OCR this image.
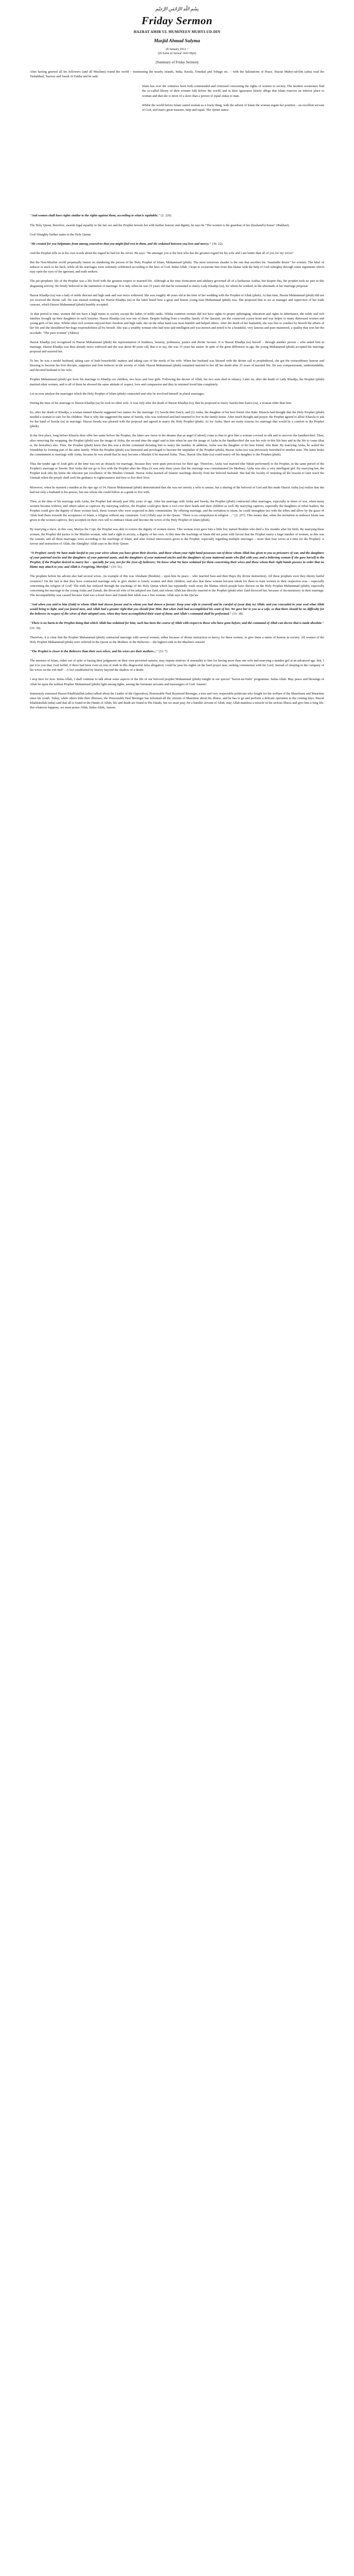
بِسْمِ اللّهِ الرَّحْمٰنِ الرَّحِيْمِ
Friday Sermon
HAZRAT AMIR'UL MUMINEEN MUHYI-UD-DIN
Masjid Ahmad Sulyma
20 January 2012 ~
(26 Safar ul Awwal 1433 Hijri)
(Summary of Friday Sermon)

After having greeted all his followers (and all Muslims) round the world – mentioning the nearby islands, India, Kerala, Trinidad and Tobago etc. – with the Salutations of Peace, Hazrat Muhyi-ud-Din (atba) read the Tashahhud, Taawuz and Surah Al Fatiha and he said:

Islam has over the centuries been both commended and criticised concerning the rights of women in society. The modern westerners find the so-called liberty of their women folk before the world, and in their ignorance falsely allege that Islam reserves an inferior place to woman and that she is more of a slave than a person of equal status to man.

Whilst the world before Islam casted woman as a lowly thing, with the advent of Islam the woman regain her position – an excellent servant of God, and man's great treasure, help and equal. The Quran states:

"And women shall have rights similar to the rights against them, according to what is equitable;" (2: 229).

The Holy Quran, therefore, awards legal equality to the fair sex and the Prophet invests her with further honour and dignity, he says he "The women is the guardian of her (husband's) house" (Bukhari).

God Almighty further states in the Holy Quran:

"He created for you helpmates from among yourselves that you might find rest in them, and He ordained between you love and mercy;" (30: 22).

And the Prophet tells us in his own words about the regard he had for his wives. He says: "Be amongst you is the best who has the greatest regard for his wife and I am better than all of you for my wives".

But the Non-Muslim world perpetually insists on slandering the person of the Holy Prophet of Islam, Muhammad (pbuh). The most notorious slander is the one that ascribes his "insatiable desire" for women. The label of seducer is stuck to his back, while all his marriages were solemnly celebrated according to the laws of God. Insha-Allah, I hope to exonerate him from this blame with the help of God Almighty through some arguments which may open the eyes of the ignorant, and truth seekers.

The pre-prophetic life of the Prophet was a life lived with the greatest respect to married life. Although at the time fornication and adultery governed all of a barbarous Arabia, but despite this, the prophet took no part in this disgusting activity. He firmly believed in the institution of marriage. It is only when he was 25 years old that he consented to marry Lady Khadija (ra), for whom he worked, in the aftermath of her marriage proposal.

Hazrat Khadija (ra) was a lady of noble descent and high rank and was twice widowed. She was roughly 40 years old at the time of her wedding with the Prophet of Allah (pbuh). At that time, Hazrat Muhammad (pbuh) did not yet received the divine call. He was instead working for Hazrat Khadija (ra) in the latter heard how a great and honest young man Muhammad (pbuh) was. She proposed him to act as manager and supervisor of her trade caravan, which Hazrat Muhammad (pbuh) humbly accepted.

At that period in time, women did not have a high status in society except the ladies of noble ranks. Whilst common women did not have rights to proper upbringing, education and rights to inheritance, the noble and rich families brought up their daughters in such luxuries. Hazrat Khadija (ra) was one of them. Despite hailing from a wealthy family of the Quraish, yet she conserved a pure heart and was helper to many distressed women and young girls of her time. Whilst other rich women enjoyed their freedom and high rank, she on the other hand was most humble and helped others. After the death of her husbands, she was free to conduct by herself the affairs of her life and she shouldered her huge responsibilities all by herself. She was a wealthy woman who had wise and intelligent and was known and noted to be a beautiful, very famous and pure-mannered, a quality that won her the accolade: "The pure woman" (Tahira).

Hazrat Khadija (ra) recognized in Hazrat Muhammad (pbuh) the representation of kindness, honesty, politeness, justice and divine favours. It is Hazrat Khadija (ra) herself – through another person – who asked him in marriage. Hazrat Khadija was then already twice widowed and she was about 40 years old, that is to say, she was 15 years his senior. In spite of the great difference in age, the young Muhammad (pbuh) accepted the marriage proposal and married her.

To her, he was a model husband, taking care of both households' matters and taking care of the needs of his wife. When her husband was blessed with the divine call to prophethood, she got the extraordinary honour and blessing to become his first disciple, supporter and firm believer in the society of Allah. Hazrat Muhammad (pbuh) remained married to her till her death after 25 years of married life. He was compassionate, understandable, and devoted husband to his wife.

Prophet Muhammad (pbuh) got from his marriage to Khadija six children, two boys and four girls. Following the decree of Allah, his two sons died in infancy. Later on, after the death of Lady Khadija, the Prophet (pbuh) married other women, and to all of them he showed the same attitude of respect, love and compassion and they in returned loved him completely.

Let us now analyse the marriages which the Holy Prophet of Islam (pbuh) contracted and why he involved himself in plural marriages.

During the time of his marriage to Hazrat Khadija (ra) he took no other wife. It was only after the death of Hazrat Khadija (ra), that he proposed to marry Sawda bint Zam'a (ra), a woman older than him.

So, after the death of Khadija, a woman named Khawla suggested two names for the marriage: (1) Sawda bint Zam'a, and (2) Aisha, the daughter of his best friend Abu Bakr. Khawla had thought that the Holy Prophet (pbuh) needed a woman to care for his children. That is why she suggested the name of Sawda, who was widowed and had returned to live in the family home. After much thought and prayer, the Prophet agreed to allow Khawla to ask for the hand of Sawda (ra) in marriage. Hazrat Sawda was pleased with the proposal and agreed to marry the Holy Prophet (pbuh). As for Aisha, there are many reasons for marriage that would be a comfort to the Prophet (pbuh).

In the first place, long before Khawla does offer her name before the Prophet, the latter saw twice in his dreams that an angel (Gabriel) come to him to give him a woman covered in silk and to uncover the handkerchief. Then, after removing the wrapping, the Prophet (pbuh) saw the image of Aisha, the second time the angel said to him when he saw the image of Aisha in the handkerchief she was his wife in this life here and in the life to come (that is, the hereafter) also. Thus, the Prophet (pbuh) knew that this was a divine command dictating him to marry the maiden. In addition, Aisha was the daughter of his best friend, Abu Bakr. By marrying Aisha, he sealed the friendship by forming part of the same family. When the Prophet (pbuh) was honoured and privileged to become the stepfather of the Prophet (pbuh), Hazrat Aisha (ra) was previously betrothed to another man. The latter broke the commitment to marriage with Aisha, because he was afraid that he may become a Muslim if he married Aisha. Thus, Hazrat Abu Bakr (ra) could marry off his daughter to the Prophet (pbuh).

Thus the tender age of Arab girls at the time was not an obstacle for marriage, because they were quite precocious for their age. Therefore, Aisha was married (the Nikah performed) to the Prophet, in the same period of the Prophet's marriage to Sawda. But Aisha did not go to live with the Prophet after the Hijra (it was only three years that the marriage was consummated (in Medina). Aisha was also a very intelligent girl. By marrying her, the Prophet took into his home the educator par excellence of the Muslim Ummah. Hazrat Aisha learned all Islamic teachings directly from her beloved husband. She had the faculty of retaining all the lessons to later teach the Ummah when the people shall seek the guidance to righteousness and how to live their lives.

Moreover, when he married a maiden at the ripe age of 54, Hazrat Muhammad (pbuh) demonstrated that she was not merely a wife to amuse, but a sharing of the beloved of God and this made Hazrat Aisha (ra) realize that she had not only a husband in his person, but one whom she could follow as a guide to live with.

Then, at the time of his marriage with Aisha, the Prophet had already past fifty years of age. After his marriage with Aisha and Sawda, the Prophet (pbuh) contracted other marriages, especially in times of war, when many women became widows, and others taken as captives. By marrying widows, the Prophet could give them a roof over their heads and their children as well. By marrying captives, especially the daughters of tribal leaders, the Prophet could give the dignity of these women back, those women who were respected in their communities. By offering marriage, and the invitation to Islam, he could strengthen ties with the tribes and allow by the grace of Allah lead them towards the acceptance of Islam, a religion without any constraint. God (Allah) says in the Quran: "There is no compulsion in religion …" (2: 257). This means that, when the invitation to embrace Islam was given to the women captives, they accepted on their own will to embrace Islam and become the wives of the Holy Prophet of Islam (pbuh).

By marrying a slave, in this case, Mariya the Copt, the Prophet was able to restore the dignity of women slaves. This woman even gave him a little boy named Ibrahim who died a few months after his birth. By marrying these women, the Prophet did justice to the Muslim woman, who had a right in society, a dignity of her own. At this time the teachings of Islam did not point with favour that the Prophet marry a large number of women, as this was the custom, and all these marriages were according to the teachings of Islam, and after formal intercession given to the Prophet, especially regarding multiple marriages – more than four wives at a time (to the Prophet). A favour and instruction of Allah, the Almighty! Allah says in the Holy Quran:

"O Prophet! surely We have made lawful to you your wives whom you have given their dowries, and those whom your right hand possesses out of those whom Allah has given to you as prisoners of war, and the daughters of your paternal uncles and the daughters of your paternal aunts, and the daughters of your maternal uncles and the daughters of your maternal aunts who fled with you; and a believing woman if she gave herself to the Prophet, if the Prophet desired to marry her – specially for you, not for the (rest of) believers; We know what We have ordained for them concerning their wives and those whom their right hands possess in order that no blame may attach to you; and Allah is Forgiving, Merciful." (33: 51).

The prophets before his advent also had several wives. An example of this was Abraham (Ibrahim) – upon him be peace – who married Sara and then Hajra (by divine instruction). All these prophets were they thirsty lustful creatures? On the fact is that they have contracted marriage only to give shelter to lonely women and their children, and also that these women become ideals for them to train women in their respective eras – especially concerning the religion of God? The truth has surfaced through the teachings of the Holy Quran which has repeatedly wash away the blames which people have thrown on the Holy Prophet Muhammad (pbuh), especially concerning his marriage to the young Aisha and Zainab, the divorced wife of his adopted son Zaid, and whom Allah has directly married to the Prophet (pbuh) after Zaid divorced her, because of inconsistency in their marriage. The incompatibility was caused because Zaid was a freed slave and Zainab bint Jahsh was a free woman. Allah says in the Qur'an:

"And when you said to him (Zaid) to whom Allah had shown favour and to whom you had shown a favour: Keep your wife to yourself and be careful of (your duty to) Allah; and you concealed in your soul what Allah would bring to light, and you feared men, and Allah had a greater right that you should fear Him. But when Zaid had accomplished his want of her, We gave her to you as a wife, so that there should be no difficulty for the believers in respect of the wives of their adopted sons, when they have accomplished their want of them; and Allah's command shall be performed." (33: 38).

"There is no harm in the Prophet doing that which Allah has ordained for him; such has been the course of Allah with respect to those who have gone before; and the command of Allah can decree that is made absolute." (33: 39).

Therefore, it is clear that the Prophet Muhammad (pbuh) contracted marriage with several women, either because of divine instruction or mercy for these women, to give them a status of honour in society. All women of the Holy Prophet Muhammad (pbuh) were referred in the Quran as the Mothers of the Believers – the highest rank in the Muslim's esteem!

"The Prophet is closer to the Believers than their own selves, and his wives are their mothers..." (33: 7)

The enemies of Islam, either out of spite or basing their judgments on their own perverted natures, may impute motives of sensuality to him for having more than one wife and marrying a maiden girl at an advanced age. But, I put it to you that, God forbid, if there had been even an iota of truth in this disgraceful false allegation, could he pass his nights on the hard prayer mat, seeking communion with his Lord, instead of sleeping in the company of his wives on the soft bed? – A fact established by history beyond the shadow of a doubt.

I stop here for now. Insha-Allah, I shall continue to talk about some aspects of the life of our beloved prophet Muhammad (pbuh) tonight in our special "Seerat-un-Nabi" programme. Insha-Allah. May peace and blessings of Allah be upon the noblest Prophet Muhammad (pbuh) light among lights, among the fortunate servants and messengers of God. Ameen!

Immensely esteemed Hazrat Khalifatullah (atba) talked about the Leader of the Opposition, Honourable Paul Raymond Berenger, a true and very respectable politician who fought for the welfare of the Mauritians and Mauritius since his youth. Today, while others hide their illnesses, the Honourable Paul Berenger has informed all the citizens of Mauritius about his illness, and he has to go and perform a delicate operation in the coming days. Hazrat Khalifatullah (atba) said that all is found in the Hands of Allah; life and death are found in His Hands, but we must pray for a humble servant of Allah, may Allah manifest a miracle in his serious illness and give him a long life. But whatever happens, we must praise Allah, Insha-Allah, Ameen.
